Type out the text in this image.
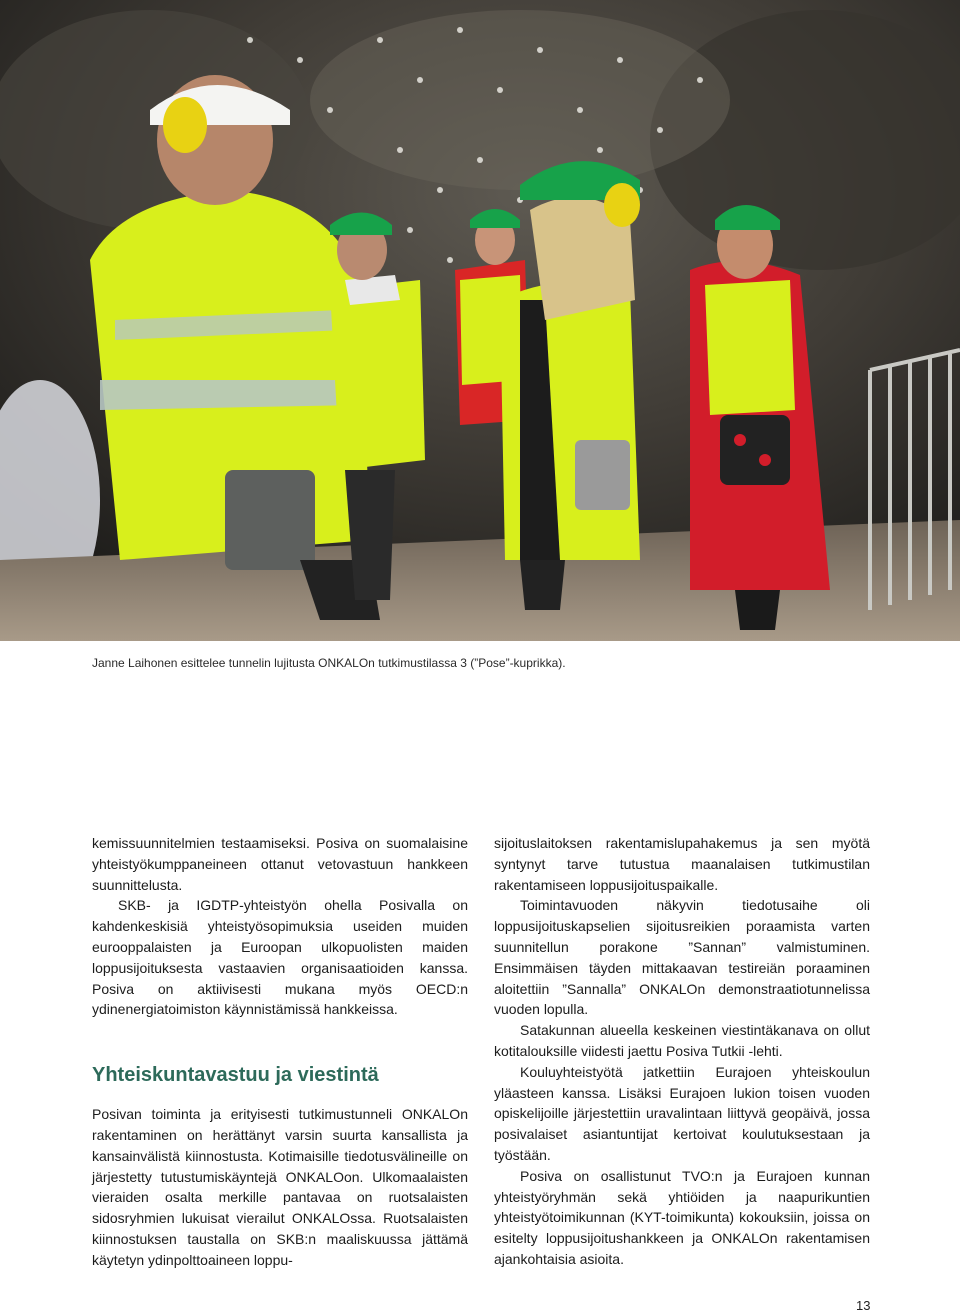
Janne Laihonen esittelee tunnelin lujitusta ONKALOn tutkimustilassa 3 (”Pose”-kuprikka).

kemissuunnitelmien testaamiseksi. Posiva on suomalaisine yhteistyökumppaneineen ottanut vetovastuun hankkeen suunnittelusta.

SKB- ja IGDTP-yhteistyön ohella Posivalla on kahdenkeskisiä yhteistyösopimuksia useiden muiden eurooppalaisten ja Euroopan ulkopuolisten maiden loppusijoituksesta vastaavien organisaatioiden kanssa. Posiva on aktiivisesti mukana myös OECD:n ydinenergiatoimiston käynnistämissä hankkeissa.

Yhteiskuntavastuu ja viestintä

Posivan toiminta ja erityisesti tutkimustunneli ONKALOn rakentaminen on herättänyt varsin suurta kansallista ja kansainvälistä kiinnostusta. Kotimaisille tiedotusvälineille on järjestetty tutustumiskäyntejä ONKALOon. Ulkomaalaisten vieraiden osalta merkille pantavaa on ruotsalaisten sidosryhmien lukuisat vierailut ONKALOssa. Ruotsalaisten kiinnostuksen taustalla on SKB:n maaliskuussa jättämä käytetyn ydinpolttoaineen loppu-

sijoituslaitoksen rakentamislupahakemus ja sen myötä syntynyt tarve tutustua maanalaisen tutkimustilan rakentamiseen loppusijoituspaikalle.

Toimintavuoden näkyvin tiedotusaihe oli loppusijoituskapselien sijoitusreikien poraamista varten suunnitellun porakone ”Sannan” valmistuminen. Ensimmäisen täyden mittakaavan testireiän poraaminen aloitettiin ”Sannalla” ONKALOn demonstraatiotunnelissa vuoden lopulla.

Satakunnan alueella keskeinen viestintäkanava on ollut kotitalouksille viidesti jaettu Posiva Tutkii -lehti.

Kouluyhteistyötä jatkettiin Eurajoen yhteiskoulun yläasteen kanssa. Lisäksi Eurajoen lukion toisen vuoden opiskelijoille järjestettiin uravalintaan liittyvä geopäivä, jossa posivalaiset asiantuntijat kertoivat koulutuksestaan ja työstään.

Posiva on osallistunut TVO:n ja Eurajoen kunnan yhteistyöryhmän sekä yhtiöiden ja naapurikuntien yhteistyötoimikunnan (KYT-toimikunta) kokouksiin, joissa on esitelty loppusijoitushankkeen ja ONKALOn rakentamisen ajankohtaisia asioita.

13
